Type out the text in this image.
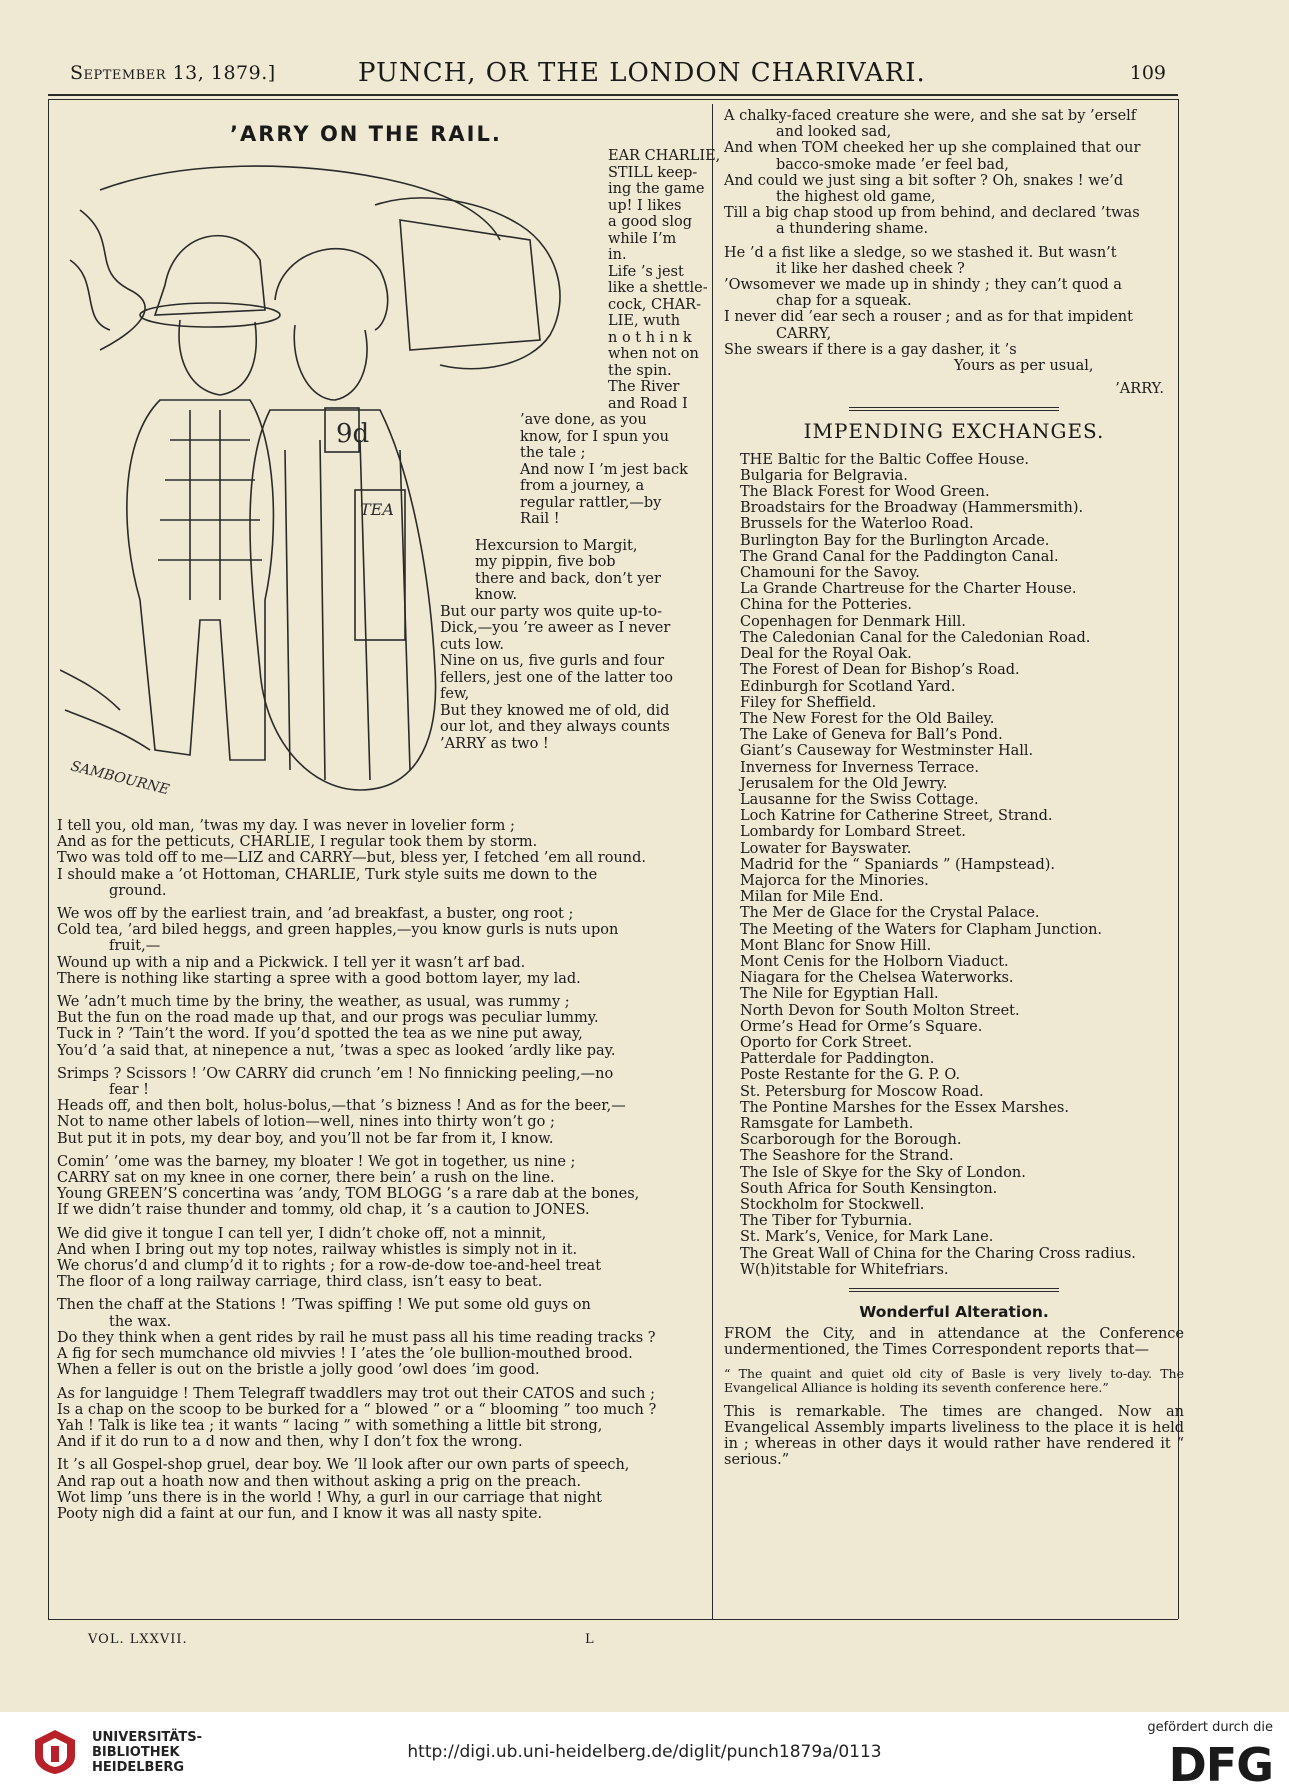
September 13, 1879.]	PUNCH, OR THE LONDON CHARIVARI.	109
’ARRY ON THE RAIL.
9d
TEA
SAMBOURNE
EAR CHARLIE,
STILL keep-
ing the game
up! I likes
a good slog
while I’m
in.
Life ’s jest
like a shettle-
cock, CHAR-
LIE, wuth
n o t h i n k
when not on
the spin.
The River
and Road I
’ave done, as you
know, for I spun you
the tale ;
And now I ’m jest back
from a journey, a
regular rattler,—by
Rail !
Hexcursion to Margit,
my pippin, five bob
there and back, don’t yer
know.
But our party wos quite up-to-
Dick,—you ’re aweer as I never
cuts low.
Nine on us, five gurls and four
fellers, jest one of the latter too
few,
But they knowed me of old, did
our lot, and they always counts
’ARRY as two !
I tell you, old man, ’twas my day. I was never in lovelier form ;
And as for the petticuts, CHARLIE, I regular took them by storm.
Two was told off to me—LIZ and CARRY—but, bless yer, I fetched ’em all round.
I should make a ’ot Hottoman, CHARLIE, Turk style suits me down to the
ground.
We wos off by the earliest train, and ’ad breakfast, a buster, ong root ;
Cold tea, ’ard biled heggs, and green happles,—you know gurls is nuts upon
fruit,—
Wound up with a nip and a Pickwick. I tell yer it wasn’t arf bad.
There is nothing like starting a spree with a good bottom layer, my lad.
We ’adn’t much time by the briny, the weather, as usual, was rummy ;
But the fun on the road made up that, and our progs was peculiar lummy.
Tuck in ? ’Tain’t the word. If you’d spotted the tea as we nine put away,
You’d ’a said that, at ninepence a nut, ’twas a spec as looked ’ardly like pay.
Srimps ? Scissors ! ’Ow CARRY did crunch ’em ! No finnicking peeling,—no
fear !
Heads off, and then bolt, holus-bolus,—that ’s bizness ! And as for the beer,—
Not to name other labels of lotion—well, nines into thirty won’t go ;
But put it in pots, my dear boy, and you’ll not be far from it, I know.
Comin’ ’ome was the barney, my bloater ! We got in together, us nine ;
CARRY sat on my knee in one corner, there bein’ a rush on the line.
Young GREEN’S concertina was ’andy, TOM BLOGG ’s a rare dab at the bones,
If we didn’t raise thunder and tommy, old chap, it ’s a caution to JONES.
We did give it tongue I can tell yer, I didn’t choke off, not a minnit,
And when I bring out my top notes, railway whistles is simply not in it.
We chorus’d and clump’d it to rights ; for a row-de-dow toe-and-heel treat
The floor of a long railway carriage, third class, isn’t easy to beat.
Then the chaff at the Stations ! ’Twas spiffing ! We put some old guys on
the wax.
Do they think when a gent rides by rail he must pass all his time reading tracks ?
A fig for sech mumchance old mivvies ! I ’ates the ’ole bullion-mouthed brood.
When a feller is out on the bristle a jolly good ’owl does ’im good.
As for languidge ! Them Telegraff twaddlers may trot out their CATOS and such ;
Is a chap on the scoop to be burked for a “ blowed ” or a “ blooming ” too much ?
Yah ! Talk is like tea ; it wants “ lacing ” with something a little bit strong,
And if it do run to a d now and then, why I don’t fox the wrong.
It ’s all Gospel-shop gruel, dear boy. We ’ll look after our own parts of speech,
And rap out a hoath now and then without asking a prig on the preach.
Wot limp ’uns there is in the world ! Why, a gurl in our carriage that night
Pooty nigh did a faint at our fun, and I know it was all nasty spite.
A chalky-faced creature she were, and she sat by ’erself
and looked sad,
And when TOM cheeked her up she complained that our
bacco-smoke made ’er feel bad,
And could we just sing a bit softer ? Oh, snakes ! we’d
the highest old game,
Till a big chap stood up from behind, and declared ’twas
a thundering shame.
He ’d a fist like a sledge, so we stashed it. But wasn’t
it like her dashed cheek ?
’Owsomever we made up in shindy ; they can’t quod a
chap for a squeak.
I never did ’ear sech a rouser ; and as for that impident
CARRY,
She swears if there is a gay dasher, it ’s
Yours as per usual,
’ARRY.
IMPENDING EXCHANGES.
THE Baltic for the Baltic Coffee House.
Bulgaria for Belgravia.
The Black Forest for Wood Green.
Broadstairs for the Broadway (Hammersmith).
Brussels for the Waterloo Road.
Burlington Bay for the Burlington Arcade.
The Grand Canal for the Paddington Canal.
Chamouni for the Savoy.
La Grande Chartreuse for the Charter House.
China for the Potteries.
Copenhagen for Denmark Hill.
The Caledonian Canal for the Caledonian Road.
Deal for the Royal Oak.
The Forest of Dean for Bishop’s Road.
Edinburgh for Scotland Yard.
Filey for Sheffield.
The New Forest for the Old Bailey.
The Lake of Geneva for Ball’s Pond.
Giant’s Causeway for Westminster Hall.
Inverness for Inverness Terrace.
Jerusalem for the Old Jewry.
Lausanne for the Swiss Cottage.
Loch Katrine for Catherine Street, Strand.
Lombardy for Lombard Street.
Lowater for Bayswater.
Madrid for the “ Spaniards ” (Hampstead).
Majorca for the Minories.
Milan for Mile End.
The Mer de Glace for the Crystal Palace.
The Meeting of the Waters for Clapham Junction.
Mont Blanc for Snow Hill.
Mont Cenis for the Holborn Viaduct.
Niagara for the Chelsea Waterworks.
The Nile for Egyptian Hall.
North Devon for South Molton Street.
Orme’s Head for Orme’s Square.
Oporto for Cork Street.
Patterdale for Paddington.
Poste Restante for the G. P. O.
St. Petersburg for Moscow Road.
The Pontine Marshes for the Essex Marshes.
Ramsgate for Lambeth.
Scarborough for the Borough.
The Seashore for the Strand.
The Isle of Skye for the Sky of London.
South Africa for South Kensington.
Stockholm for Stockwell.
The Tiber for Tyburnia.
St. Mark’s, Venice, for Mark Lane.
The Great Wall of China for the Charing Cross radius.
W(h)itstable for Whitefriars.
Wonderful Alteration.
FROM the City, and in attendance at the Conference undermentioned, the Times Correspondent reports that—
“ The quaint and quiet old city of Basle is very lively to-day. The Evangelical Alliance is holding its seventh conference here.”
This is remarkable. The times are changed. Now an Evangelical Assembly imparts liveliness to the place it is held in ; whereas in other days it would rather have rendered it “ serious.”
VOL. LXXVII.	L
UNIVERSITÄTS-
BIBLIOTHEK
HEIDELBERG
http://digi.ub.uni-heidelberg.de/diglit/punch1879a/0113
gefördert durch die
DFG
